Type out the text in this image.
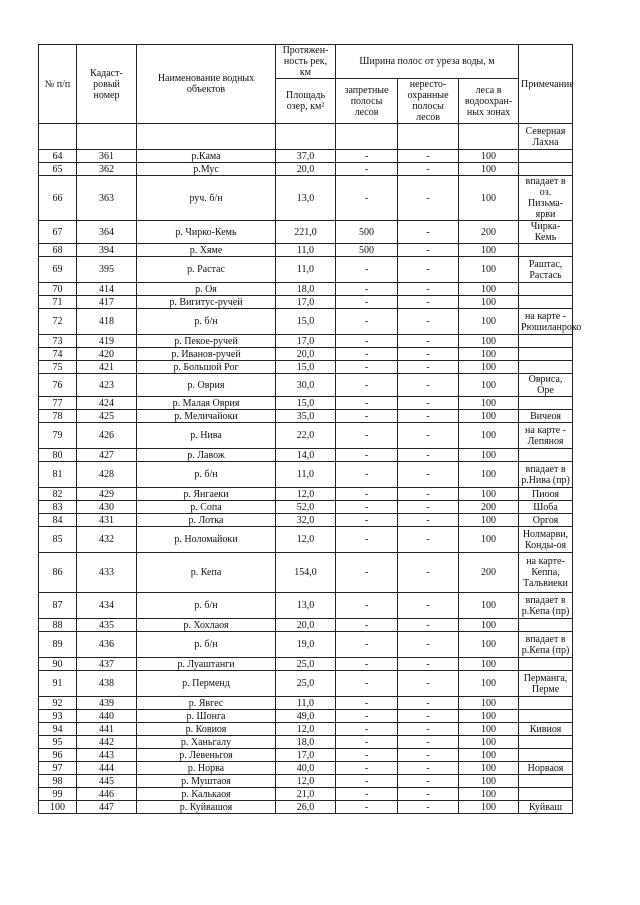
№ п/п	Кадаст-ровый номер	Наименование водных объектов	Протяжен-ность рек, км	Ширина полос от уреза воды, м			Примечание
			Площадь озер, км²	запретные полосы лесов	нересто-охранные полосы лесов	леса в водоохран-ных зонах	
							Северная Лахна
64	361	р.Кама	37,0	-	-	100	
65	362	р.Мус	20,0	-	-	100	
66	363	руч. б/н	13,0	-	-	100	впадает в оз. Пизьма-ярви
67	364	р. Чирко-Кемь	221,0	500	-	200	Чирка-Кемь
68	394	р. Хяме	11,0	500	-	100	
69	395	р. Растас	11,0	-	-	100	Раштас, Растась
70	414	р. Оя	18,0	-	-	100	
71	417	р. Вигитус-ручей	17,0	-	-	100	
72	418	р. б/н	15,0	-	-	100	на карте - Рюшиланроко
73	419	р. Пекое-ручей	17,0	-	-	100	
74	420	р. Иванов-ручей	20,0	-	-	100	
75	421	р. Большой Рог	15,0	-	-	100	
76	423	р. Оврия	30,0	-	-	100	Овриса, Оре
77	424	р. Малая Оврия	15,0	-	-	100	
78	425	р. Меличайоки	35,0	-	-	100	Вичеоя
79	426	р. Нива	22,0	-	-	100	на карте - Лепяноя
80	427	р. Лавож	14,0	-	-	100	
81	428	р. б/н	11,0	-	-	100	впадает в р.Нива (пр)
82	429	р. Янгаеки	12,0	-	-	100	Пиооя
83	430	р. Сопа	52,0	-	-	200	Шоба
84	431	р. Лотка	32,0	-	-	100	Оргоя
85	432	р. Ноломайоки	12,0	-	-	100	Нолмарви, Конды-оя
86	433	р. Кепа	154,0	-	-	200	на карте- Кеппа, Тальвиеки
87	434	р. б/н	13,0	-	-	100	впадает в р.Кепа (пр)
88	435	р. Хохлаоя	20,0	-	-	100	
89	436	р. б/н	19,0	-	-	100	впадает в р.Кепа (пр)
90	437	р. Луаштанги	25,0	-	-	100	
91	438	р. Перменд	25,0	-	-	100	Перманга, Перме
92	439	р. Явгес	11,0	-	-	100	
93	440	р. Шонга	49,0	-	-	100	
94	441	р. Ковиоя	12,0	-	-	100	Кивиоя
95	442	р. Ханьгалу	18,0	-	-	100	
96	443	р. Левеньгоя	17,0	-	-	100	
97	444	р. Норва	40,0	-	-	100	Норваоя
98	445	р. Муштаоя	12,0	-	-	100	
99	446	р. Калькаоя	21,0	-	-	100	
100	447	р. Куйвашоя	26,0	-	-	100	Куйваш
